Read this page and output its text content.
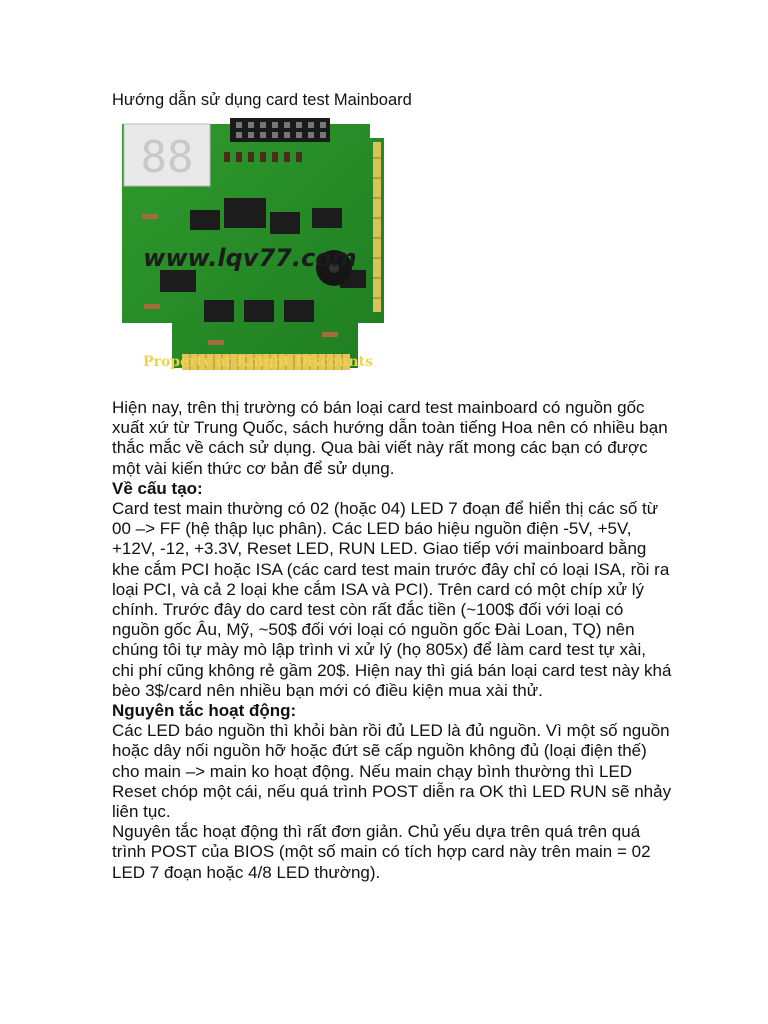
Hướng dẫn sử dụng card test Mainboard
88
www.lqv77.com
Property of Knight Discounts

Hiện nay, trên thị trường có bán loại card test mainboard có nguồn gốc xuất xứ từ Trung Quốc, sách hướng dẫn toàn tiếng Hoa nên có nhiều bạn thắc mắc về cách sử dụng. Qua bài viết này rất mong các bạn có được một vài kiến thức cơ bản để sử dụng.

Về cấu tạo:

Card test main thường có 02 (hoặc 04) LED 7 đoạn để hiển thị các số từ 00 –> FF (hệ thập lục phân). Các LED báo hiệu nguồn điện -5V, +5V, +12V, -12, +3.3V, Reset LED, RUN LED. Giao tiếp với mainboard bằng khe cắm PCI hoặc ISA (các card test main trước đây chỉ có loại ISA, rồi ra loại PCI, và cả 2 loại khe cắm ISA và PCI). Trên card có một chíp xử lý chính. Trước đây do card test còn rất đắc tiền (~100$ đối với loại có nguồn gốc Âu, Mỹ, ~50$ đối với loại có nguồn gốc Đài Loan, TQ) nên chúng tôi tự mày mò lập trình vi xử lý (họ 805x) để làm card test tự xài, chi phí cũng không rẻ gầm 20$. Hiện nay thì giá bán loại card test này khá bèo 3$/card nên nhiều bạn mới có điều kiện mua xài thử.

Nguyên tắc hoạt động:

Các LED báo nguồn thì khỏi bàn rồi đủ LED là đủ nguồn. Vì một số nguồn hoặc dây nối nguồn hỡ hoặc đứt sẽ cấp nguồn không đủ (loại điện thế) cho main –> main ko hoạt động. Nếu main chạy bình thường thì LED Reset chóp một cái, nếu quá trình POST diễn ra OK thì LED RUN sẽ nhảy liên tục.

Nguyên tắc hoạt động thì rất đơn giản. Chủ yếu dựa trên quá trên quá trình POST của BIOS (một số main có tích hợp card này trên main = 02 LED 7 đoạn hoặc 4/8 LED thường).
